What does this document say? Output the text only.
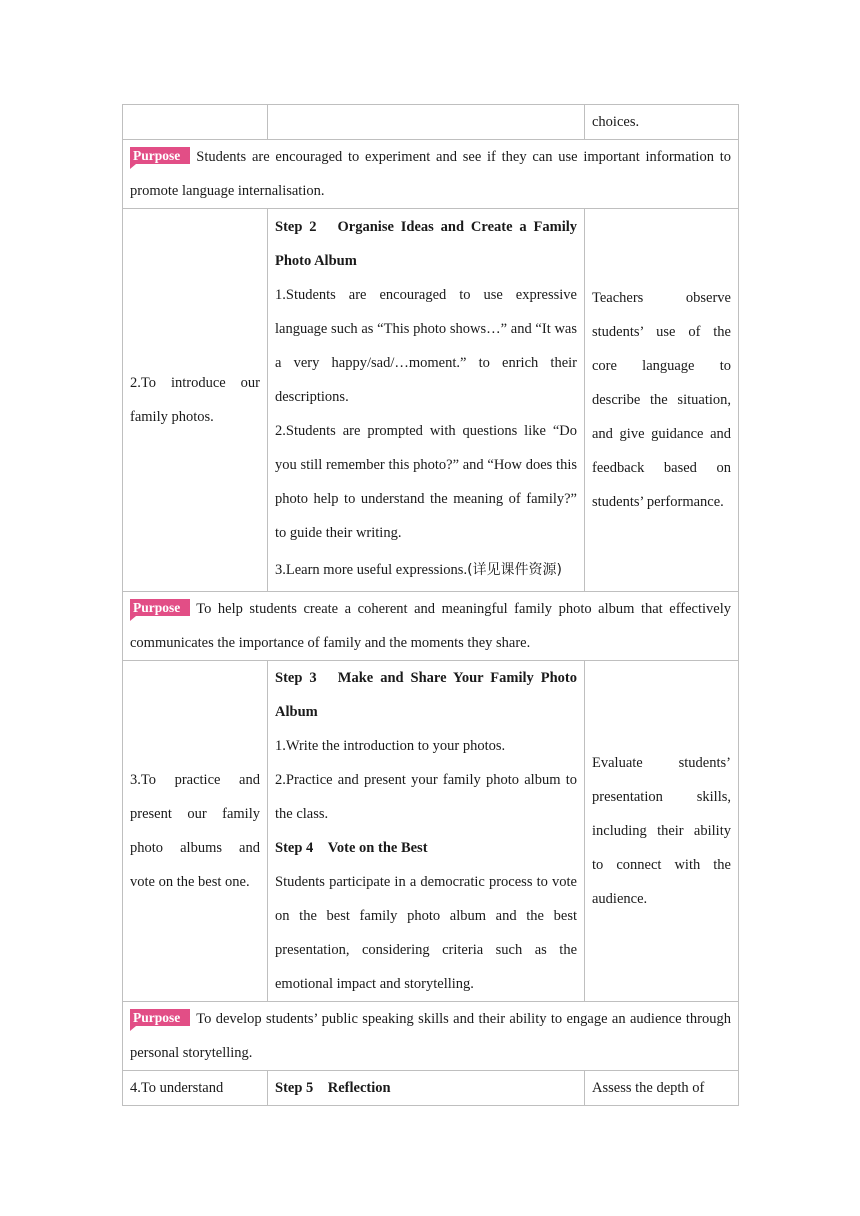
		choices.
Purpose Students are encouraged to experiment and see if they can use important information to promote language internalisation.		
2.To introduce our family photos.	Step 2　Organise Ideas and Create a Family Photo Album
1.Students are encouraged to use expressive language such as “This photo shows…” and “It was a very happy/sad/…moment.” to enrich their descriptions.
2.Students are prompted with questions like “Do you still remember this photo?” and “How does this photo help to understand the meaning of family?” to guide their writing.
3.Learn more useful expressions.(详见课件资源)	Teachers observe students’ use of the core language to describe the situation, and give guidance and feedback based on students’ performance.
Purpose To help students create a coherent and meaningful family photo album that effectively communicates the importance of family and the moments they share.		
3.To practice and present our family photo albums and vote on the best one.	Step 3　Make and Share Your Family Photo Album
1.Write the introduction to your photos.
2.Practice and present your family photo album to the class.
Step 4　Vote on the Best
Students participate in a democratic process to vote on the best family photo album and the best presentation, considering criteria such as the emotional impact and storytelling.	Evaluate students’ presentation skills, including their ability to connect with the audience.
Purpose To develop students’ public speaking skills and their ability to engage an audience through personal storytelling.		
4.To understand	Step 5　Reflection	Assess the depth of
